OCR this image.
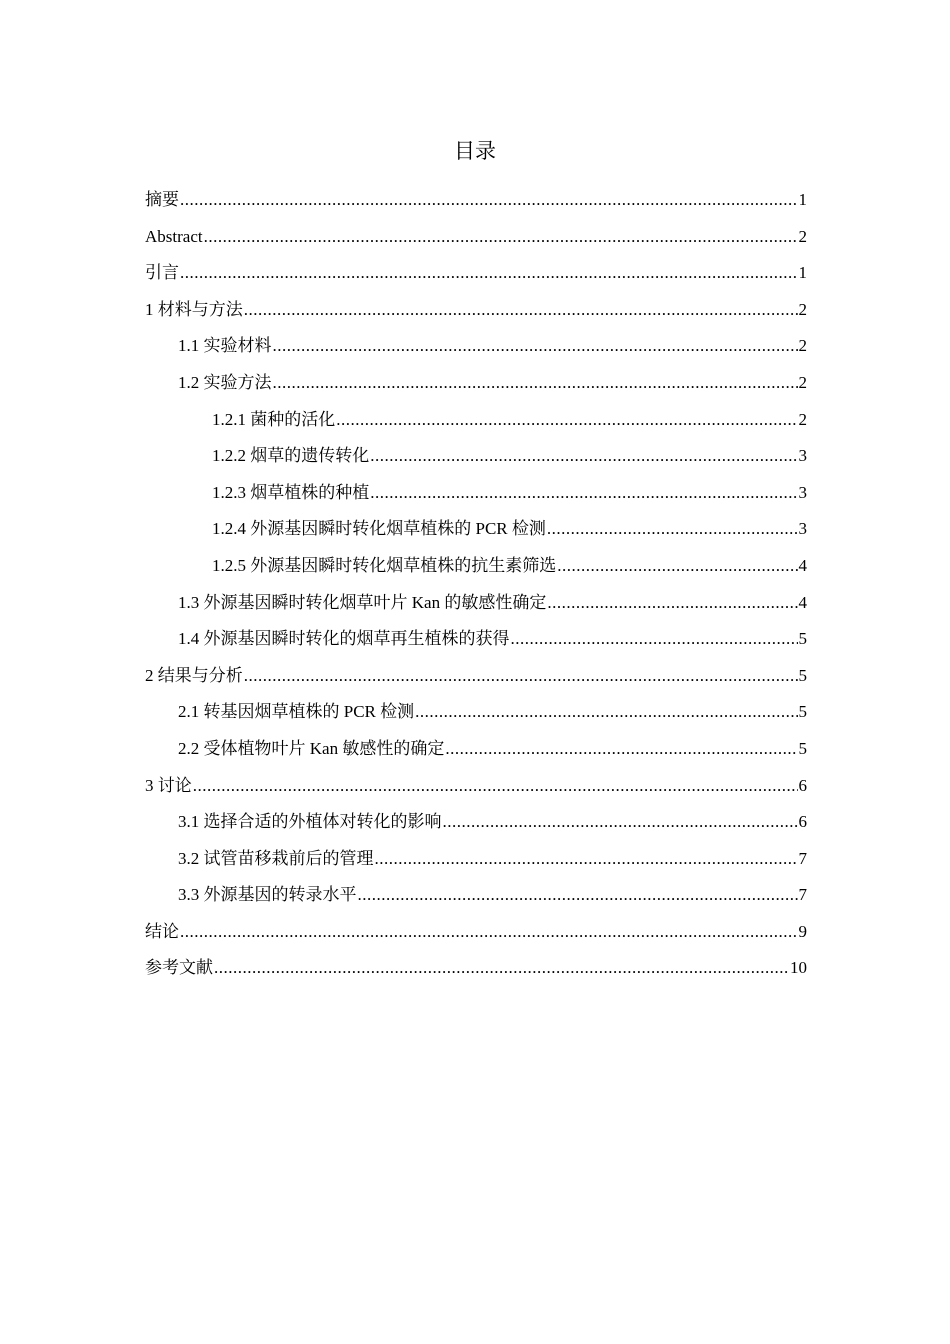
目录
摘要 .....	1
Abstract .....	2
引言 .....	1
1 材料与方法 .....	2
1.1 实验材料 .....	2
1.2 实验方法 .....	2
1.2.1 菌种的活化 .....	2
1.2.2 烟草的遗传转化 .....	3
1.2.3 烟草植株的种植 .....	3
1.2.4 外源基因瞬时转化烟草植株的 PCR 检测 .....	3
1.2.5 外源基因瞬时转化烟草植株的抗生素筛选 .....	4
1.3 外源基因瞬时转化烟草叶片 Kan 的敏感性确定 .....	4
1.4 外源基因瞬时转化的烟草再生植株的获得 .....	5
2 结果与分析 .....	5
2.1 转基因烟草植株的 PCR 检测 .....	5
2.2 受体植物叶片 Kan 敏感性的确定 .....	5
3 讨论 .....	6
3.1 选择合适的外植体对转化的影响 .....	6
3.2 试管苗移栽前后的管理 .....	7
3.3 外源基因的转录水平 .....	7
结论 .....	9
参考文献 .....	10
